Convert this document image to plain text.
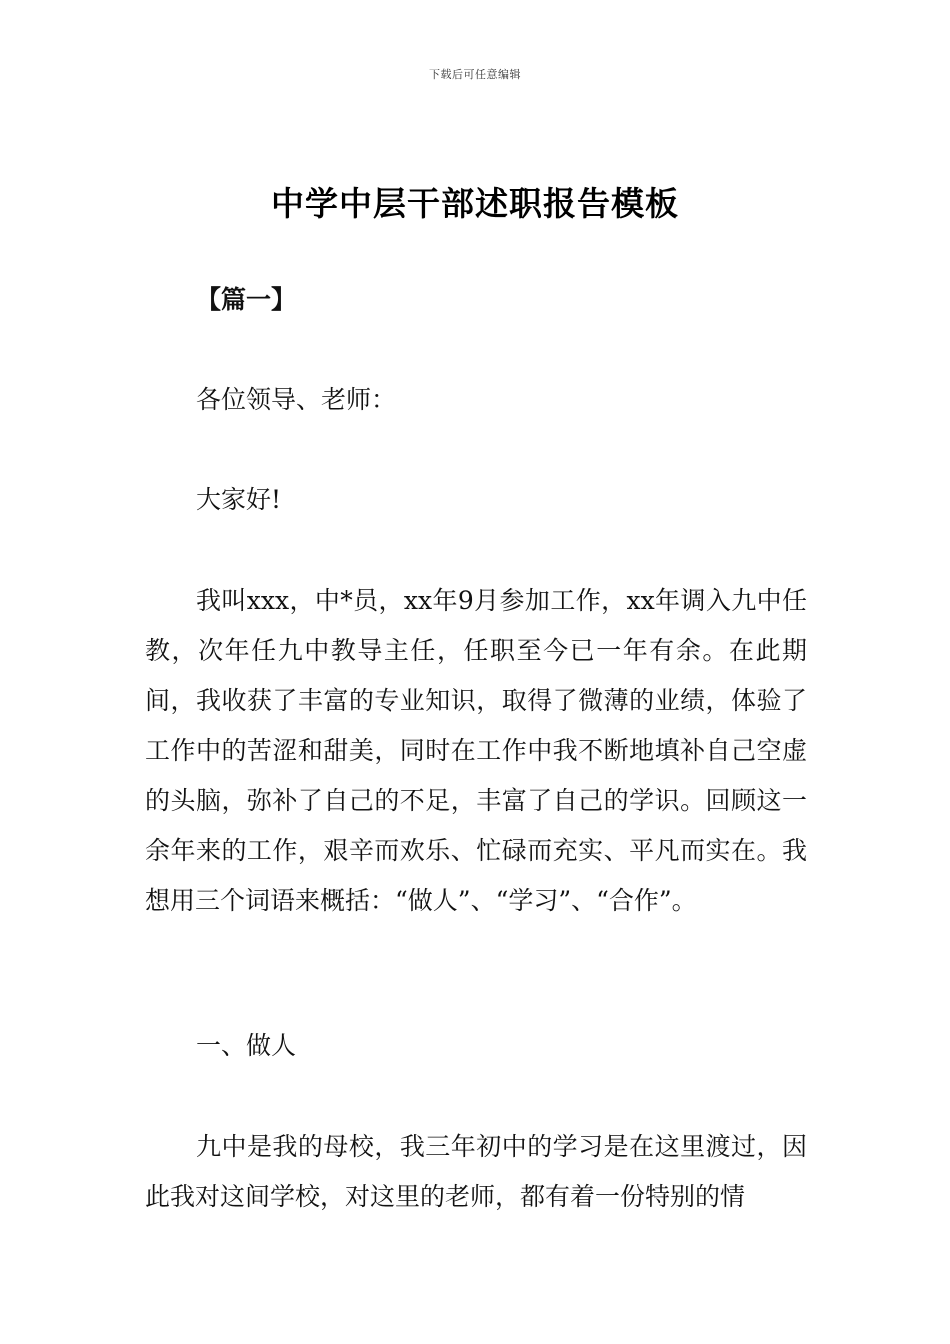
下载后可任意编辑
中学中层干部述职报告模板
【篇一】
各位领导、老师：
大家好!

我叫xxx，中*员，xx年9月参加工作，xx年调入九中任教，次年任九中教导主任，任职至今已一年有余。在此期间，我收获了丰富的专业知识，取得了微薄的业绩，体验了工作中的苦涩和甜美，同时在工作中我不断地填补自己空虚的头脑，弥补了自己的不足，丰富了自己的学识。回顾这一余年来的工作，艰辛而欢乐、忙碌而充实、平凡而实在。我想用三个词语来概括：“做人”、“学习”、“合作”。

一、做人

九中是我的母校，我三年初中的学习是在这里渡过，因此我对这间学校，对这里的老师，都有着一份特别的情
